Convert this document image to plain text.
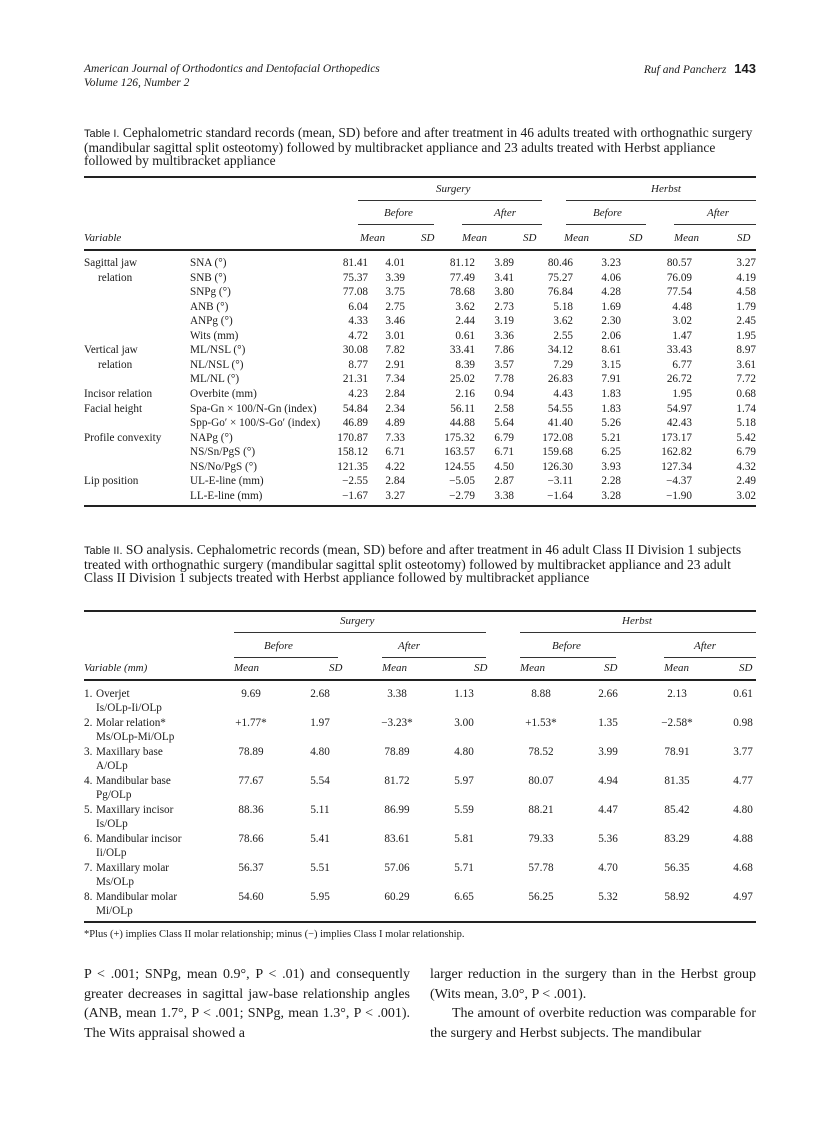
American Journal of Orthodontics and Dentofacial Orthopedics
Volume 126, Number 2
Ruf and Pancherz 143
Table I. Cephalometric standard records (mean, SD) before and after treatment in 46 adults treated with orthognathic surgery (mandibular sagittal split osteotomy) followed by multibracket appliance and 23 adults treated with Herbst appliance followed by multibracket appliance
Surgery	Herbst
Before	After	Before	After
Variable	Mean	SD	Mean	SD	Mean	SD	Mean	SD
Sagittal jaw	SNA (°)	81.41	4.01	81.12	3.89	80.46	3.23	80.57	3.27
relation	SNB (°)	75.37	3.39	77.49	3.41	75.27	4.06	76.09	4.19
SNPg (°)	77.08	3.75	78.68	3.80	76.84	4.28	77.54	4.58
ANB (°)	6.04	2.75	3.62	2.73	5.18	1.69	4.48	1.79
ANPg (°)	4.33	3.46	2.44	3.19	3.62	2.30	3.02	2.45
Wits (mm)	4.72	3.01	0.61	3.36	2.55	2.06	1.47	1.95
Vertical jaw	ML/NSL (°)	30.08	7.82	33.41	7.86	34.12	8.61	33.43	8.97
relation	NL/NSL (°)	8.77	2.91	8.39	3.57	7.29	3.15	6.77	3.61
ML/NL (°)	21.31	7.34	25.02	7.78	26.83	7.91	26.72	7.72
Incisor relation	Overbite (mm)	4.23	2.84	2.16	0.94	4.43	1.83	1.95	0.68
Facial height	Spa-Gn × 100/N-Gn (index)	54.84	2.34	56.11	2.58	54.55	1.83	54.97	1.74
Spp-Go′ × 100/S-Go′ (index)	46.89	4.89	44.88	5.64	41.40	5.26	42.43	5.18
Profile convexity	NAPg (°)	170.87	7.33	175.32	6.79	172.08	5.21	173.17	5.42
NS/Sn/PgS (°)	158.12	6.71	163.57	6.71	159.68	6.25	162.82	6.79
NS/No/PgS (°)	121.35	4.22	124.55	4.50	126.30	3.93	127.34	4.32
Lip position	UL-E-line (mm)	−2.55	2.84	−5.05	2.87	−3.11	2.28	−4.37	2.49
LL-E-line (mm)	−1.67	3.27	−2.79	3.38	−1.64	3.28	−1.90	3.02
Table II. SO analysis. Cephalometric records (mean, SD) before and after treatment in 46 adult Class II Division 1 subjects treated with orthognathic surgery (mandibular sagittal split osteotomy) followed by multibracket appliance and 23 adult Class II Division 1 subjects treated with Herbst appliance followed by multibracket appliance
Surgery	Herbst
Before	After	Before	After
Variable (mm)	Mean	SD	Mean	SD	Mean	SD	Mean	SD
1. Overjet
Is/OLp-Ii/OLp
9.69	2.68	3.38	1.13	8.88	2.66	2.13	0.61
2. Molar relation*
Ms/OLp-Mi/OLp
+1.77*	1.97	−3.23*	3.00	+1.53*	1.35	−2.58*	0.98
3. Maxillary base
A/OLp
78.89	4.80	78.89	4.80	78.52	3.99	78.91	3.77
4. Mandibular base
Pg/OLp
77.67	5.54	81.72	5.97	80.07	4.94	81.35	4.77
5. Maxillary incisor
Is/OLp
88.36	5.11	86.99	5.59	88.21	4.47	85.42	4.80
6. Mandibular incisor
Ii/OLp
78.66	5.41	83.61	5.81	79.33	5.36	83.29	4.88
7. Maxillary molar
Ms/OLp
56.37	5.51	57.06	5.71	57.78	4.70	56.35	4.68
8. Mandibular molar
Mi/OLp
54.60	5.95	60.29	6.65	56.25	5.32	58.92	4.97
*Plus (+) implies Class II molar relationship; minus (−) implies Class I molar relationship.

P < .001; SNPg, mean 0.9°, P < .01) and consequently greater decreases in sagittal jaw-base relationship angles (ANB, mean 1.7°, P < .001; SNPg, mean 1.3°, P < .001). The Wits appraisal showed a

larger reduction in the surgery than in the Herbst group (Wits mean, 3.0°, P < .001).

The amount of overbite reduction was comparable for the surgery and Herbst subjects. The mandibular
